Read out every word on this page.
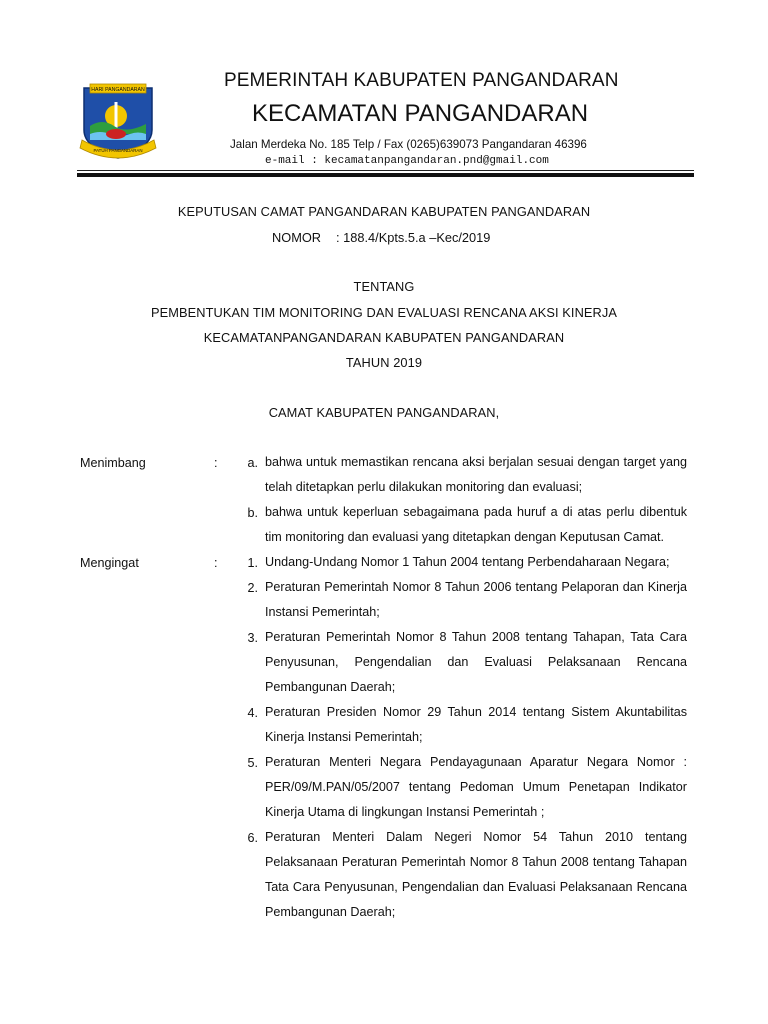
HARI PANGANDARAN
PATUH PANGANDARAN
PEMERINTAH KABUPATEN PANGANDARAN
KECAMATAN PANGANDARAN
Jalan Merdeka No. 185 Telp / Fax (0265)639073 Pangandaran 46396
e-mail : kecamatanpangandaran.pnd@gmail.com
KEPUTUSAN CAMAT PANGANDARAN KABUPATEN PANGANDARAN
NOMOR : 188.4/Kpts.5.a –Kec/2019
TENTANG
PEMBENTUKAN TIM MONITORING DAN EVALUASI RENCANA AKSI KINERJA
KECAMATANPANGANDARAN KABUPATEN PANGANDARAN
TAHUN 2019
CAMAT KABUPATEN PANGANDARAN,
Menimbang	:	a. bahwa untuk memastikan rencana aksi berjalan sesuai dengan target yang telah ditetapkan perlu dilakukan monitoring dan evaluasi;
b. bahwa untuk keperluan sebagaimana pada huruf a di atas perlu dibentuk tim monitoring dan evaluasi yang ditetapkan dengan Keputusan Camat.
Mengingat	:	1. Undang-Undang Nomor 1 Tahun 2004 tentang Perbendaharaan Negara;
2. Peraturan Pemerintah Nomor 8 Tahun 2006 tentang Pelaporan dan Kinerja Instansi Pemerintah;
3. Peraturan Pemerintah Nomor 8 Tahun 2008 tentang Tahapan, Tata Cara Penyusunan, Pengendalian dan Evaluasi Pelaksanaan Rencana Pembangunan Daerah;
4. Peraturan Presiden Nomor 29 Tahun 2014 tentang Sistem Akuntabilitas Kinerja Instansi Pemerintah;
5. Peraturan Menteri Negara Pendayagunaan Aparatur Negara Nomor : PER/09/M.PAN/05/2007 tentang Pedoman Umum Penetapan Indikator Kinerja Utama di lingkungan Instansi Pemerintah ;
6. Peraturan Menteri Dalam Negeri Nomor 54 Tahun 2010 tentang Pelaksanaan Peraturan Pemerintah Nomor 8 Tahun 2008 tentang Tahapan Tata Cara Penyusunan, Pengendalian dan Evaluasi Pelaksanaan Rencana Pembangunan Daerah;
